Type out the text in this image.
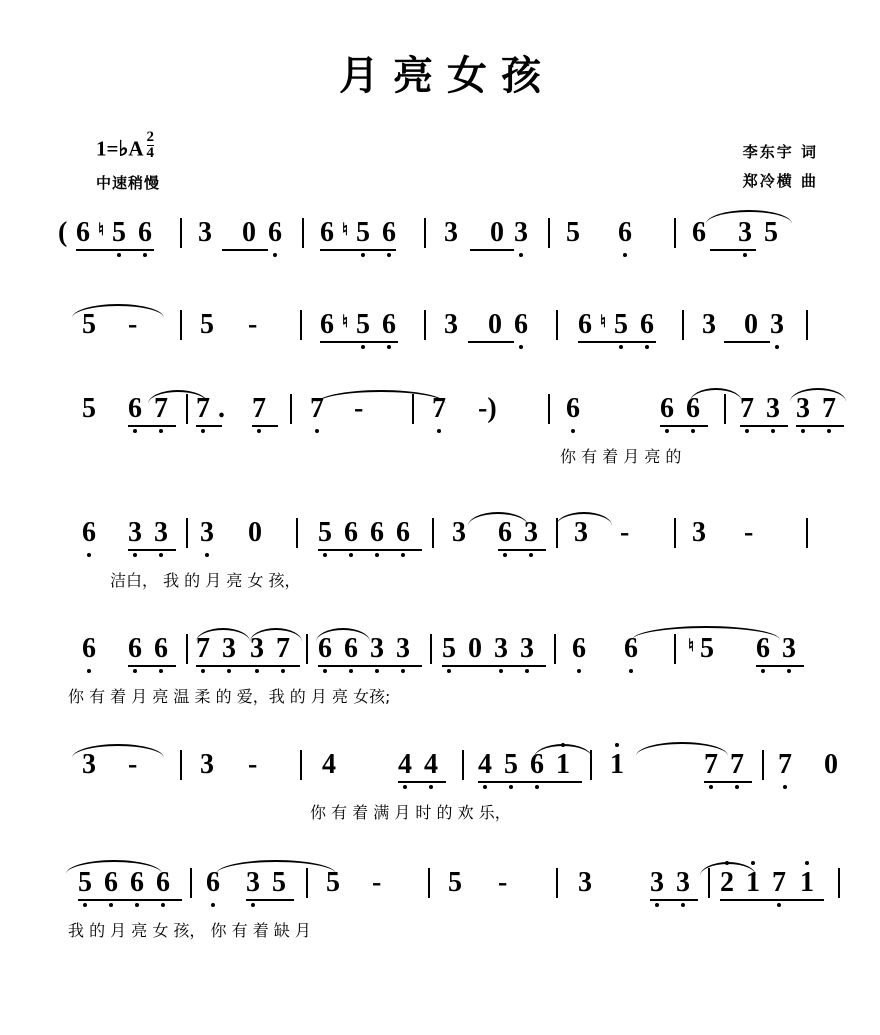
月亮女孩
1=♭A $\frac{2}{4}$
中速稍慢
李东宇 词
郑冷横 曲
( 6 ♮ 5 6 3 0 6 6 ♮ 5 6 3 0 3 5 6 6 3 5
5 - 5 - 6 ♮ 5 6 3 0 6 6 ♮ 5 6 3 0 3
5 6 7 7 . 7 7 - 7 -) 6	6 6 7 3 3 7
你 有 着 月 亮 的
6 3 3 3 0 5 6 6 6 3 6 3 3 - 3 -
洁白， 我 的 月 亮 女 孩，
6 6 6 7 3 3 7 6 6 3 3 5 0 3 3 6 6	♮ 5 6 3
你 有 着 月 亮 温 柔 的 爱，我 的 月 亮 女孩;
3 - 3 - 4 4 4 4 5 6 1 1	7 7 7 0
你 有 着 满 月 时 的 欢 乐，
5 6 6 6 6 3 5 5 - 5 -	3 3 3 2 1 7 1
我 的 月 亮 女 孩， 你 有 着 缺 月
